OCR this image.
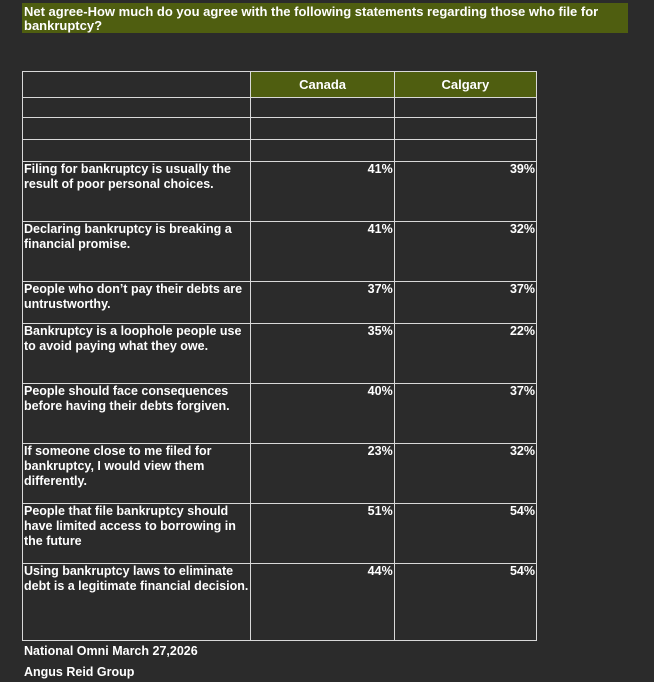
Net agree-How much do you agree with the following statements regarding those who file for bankruptcy?
	Canada	Calgary

Filing for bankruptcy is usually the result of poor personal choices.	41%	39%
Declaring bankruptcy is breaking a financial promise.	41%	32%
People who don’t pay their debts are untrustworthy.	37%	37%
Bankruptcy is a loophole people use to avoid paying what they owe.	35%	22%
People should face consequences before having their debts forgiven.	40%	37%
If someone close to me filed for bankruptcy, I would view them differently.	23%	32%
People that file bankruptcy should have limited access to borrowing in the future	51%	54%
Using bankruptcy laws to eliminate debt is a legitimate financial decision.	44%	54%
National Omni March 27,2026
Angus Reid Group
